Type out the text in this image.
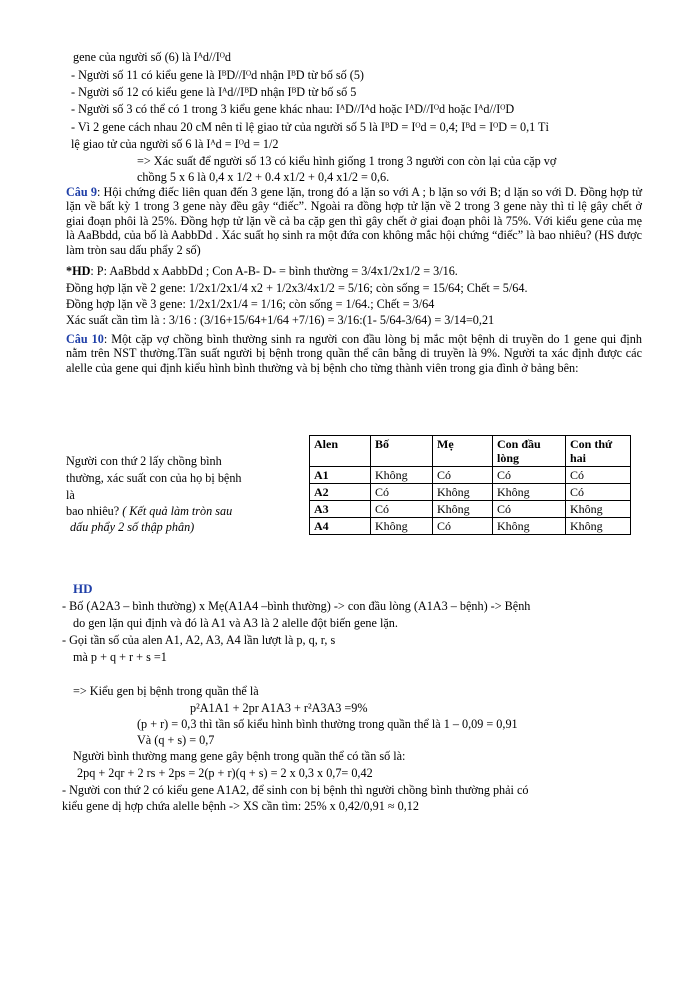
gene của người số (6) là Iᴬd//Iᴼd
- Người số 11 có kiểu gene là IᴮD//Iᴼd nhận IᴮD từ bố số (5)
- Người số 12 có kiểu gene là Iᴬd//IᴮD nhận IᴮD từ bố số 5
- Người số 3 có thể có 1 trong 3 kiểu gene khác nhau: IᴬD//Iᴬd hoặc IᴬD//Iᴼd hoặc Iᴬd//IᴼD
- Vì 2 gene cách nhau 20 cM nên tỉ lệ giao tử của người số 5 là IᴮD = Iᴼd = 0,4; Iᴮd = IᴼD = 0,1 Tỉ
lệ giao tử của người số 6 là Iᴬd = Iᴼd = 1/2
=> Xác suất để người số 13 có kiểu hình giống 1 trong 3 người con còn lại của cặp vợ
chồng 5 x 6 là 0,4 x 1/2 + 0.4 x1/2 + 0,4 x1/2 = 0,6.
Câu 9: Hội chứng điếc liên quan đến 3 gene lặn, trong đó a lặn so với A ; b lặn so với B; d lặn so với D. Đồng hợp tử lặn về bất kỳ 1 trong 3 gene này đều gây “điếc”. Ngoài ra đồng hợp tử lặn về 2 trong 3 gene này thì tỉ lệ gây chết ở giai đoạn phôi là 25%. Đồng hợp tử lặn về cả ba cặp gen thì gây chết ở giai đoạn phôi là 75%. Với kiểu gene của mẹ là AaBbdd, của bố là AabbDd . Xác suất họ sinh ra một đứa con không mắc hội chứng “điếc” là bao nhiêu? (HS được làm tròn sau dấu phẩy 2 số)
*HD: P: AaBbdd x AabbDd ; Con A-B- D- = bình thường = 3/4x1/2x1/2 = 3/16.
Đồng hợp lặn về 2 gene: 1/2x1/2x1/4 x2 + 1/2x3/4x1/2 = 5/16; còn sống = 15/64; Chết = 5/64.
Đồng hợp lặn về 3 gene: 1/2x1/2x1/4 = 1/16; còn sống = 1/64.; Chết = 3/64
Xác suất cần tìm là : 3/16 : (3/16+15/64+1/64 +7/16) = 3/16:(1- 5/64-3/64) = 3/14=0,21
Câu 10: Một cặp vợ chồng bình thường sinh ra người con đầu lòng bị mắc một bệnh di truyền do 1 gene qui định nằm trên NST thường.Tần suất người bị bệnh trong quần thể cân bằng di truyền là 9%. Người ta xác định được các alelle của gene qui định kiểu hình bình thường và bị bệnh cho từng thành viên trong gia đình ở bảng bên:
Người con thứ 2 lấy chồng bình
thường, xác suất con của họ bị bệnh
là
bao nhiêu? ( Kết quả làm tròn sau
dấu phẩy 2 số thập phân)
Alen	Bố	Mẹ	Con đầu lòng	Con thứ hai
A1	Không	Có	Có	Có
A2	Có	Không	Không	Có
A3	Có	Không	Có	Không
A4	Không	Có	Không	Không
HD
- Bố (A2A3 – bình thường) x Mẹ(A1A4 –bình thường) -> con đầu lòng (A1A3 – bệnh) -> Bệnh
do gen lặn qui định và đó là A1 và A3 là 2 alelle đột biến gene lặn.
- Gọi tần số của alen A1, A2, A3, A4 lần lượt là p, q, r, s
mà p + q + r + s =1
=> Kiểu gen bị bệnh trong quần thể là
p²A1A1 + 2pr A1A3 + r²A3A3 =9%
(p + r) = 0,3 thì tần số kiểu hình bình thường trong quần thể là 1 – 0,09 = 0,91
Và (q + s) = 0,7
Người bình thường mang gene gây bệnh trong quần thể có tần số là:
2pq + 2qr + 2 rs + 2ps = 2(p + r)(q + s) = 2 x 0,3 x 0,7= 0,42
- Người con thứ 2 có kiểu gene A1A2, để sinh con bị bệnh thì người chồng bình thường phải có
kiểu gene dị hợp chứa alelle bệnh -> XS cần tìm: 25% x 0,42/0,91 ≈ 0,12
